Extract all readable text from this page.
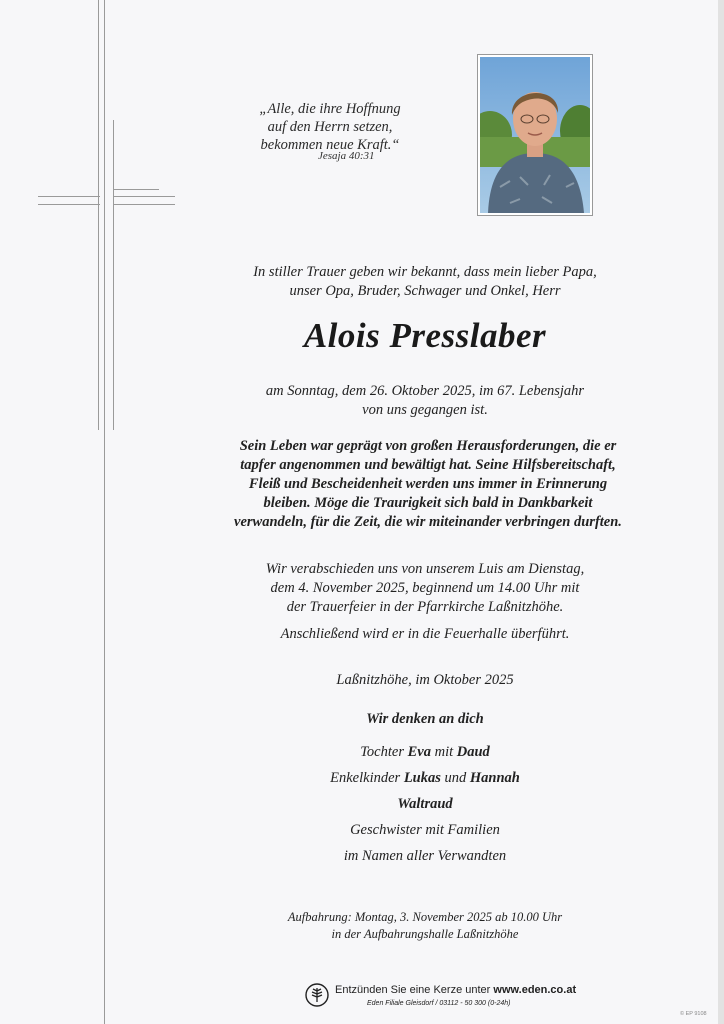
„Alle, die ihre Hoffnung
auf den Herrn setzen,
bekommen neue Kraft.“
Jesaja 40:31
In stiller Trauer geben wir bekannt, dass mein lieber Papa,
unser Opa, Bruder, Schwager und Onkel, Herr
Alois Presslaber
am Sonntag, dem 26. Oktober 2025, im 67. Lebensjahr
von uns gegangen ist.
Sein Leben war geprägt von großen Herausforderungen, die er
tapfer angenommen und bewältigt hat. Seine Hilfsbereitschaft,
Fleiß und Bescheidenheit werden uns immer in Erinnerung
bleiben. Möge die Traurigkeit sich bald in Dankbarkeit
verwandeln, für die Zeit, die wir miteinander verbringen durften.
Wir verabschieden uns von unserem Luis am Dienstag,
dem 4. November 2025, beginnend um 14.00 Uhr mit
der Trauerfeier in der Pfarrkirche Laßnitzhöhe.
Anschließend wird er in die Feuerhalle überführt.
Laßnitzhöhe, im Oktober 2025
Wir denken an dich
Tochter Eva mit Daud
Enkelkinder Lukas und Hannah
Waltraud
Geschwister mit Familien
im Namen aller Verwandten
Aufbahrung: Montag, 3. November 2025 ab 10.00 Uhr
in der Aufbahrungshalle Laßnitzhöhe
Entzünden Sie eine Kerze unter www.eden.co.at
Eden Filiale Gleisdorf / 03112 - 50 300 (0-24h)
© EP 9108
